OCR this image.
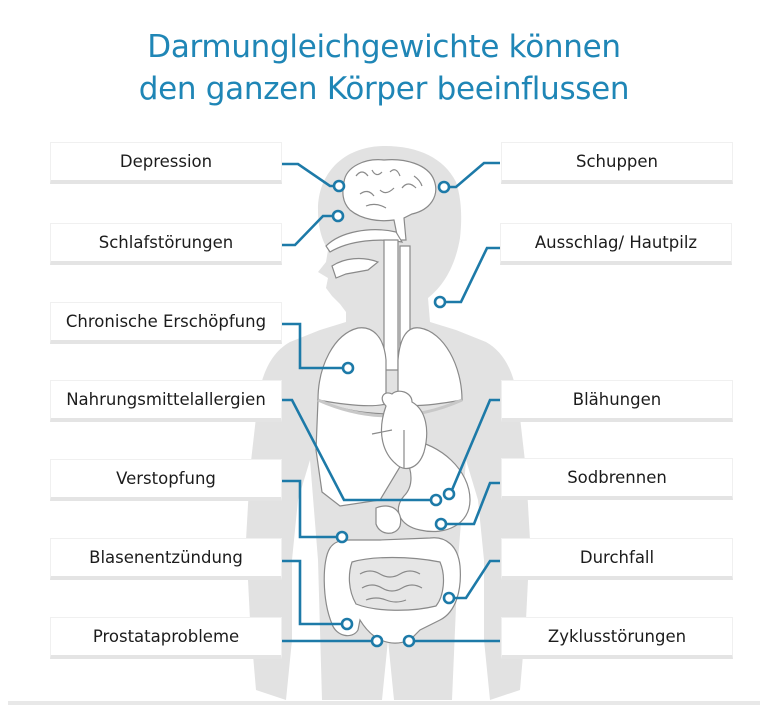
Darmungleichgewichte können
den ganzen Körper beeinflussen
Depression
Schlafstörungen
Chronische Erschöpfung
Nahrungsmittelallergien
Verstopfung
Blasenentzündung
Prostataprobleme
Schuppen
Ausschlag/ Hautpilz
Blähungen
Sodbrennen
Durchfall
Zyklusstörungen
